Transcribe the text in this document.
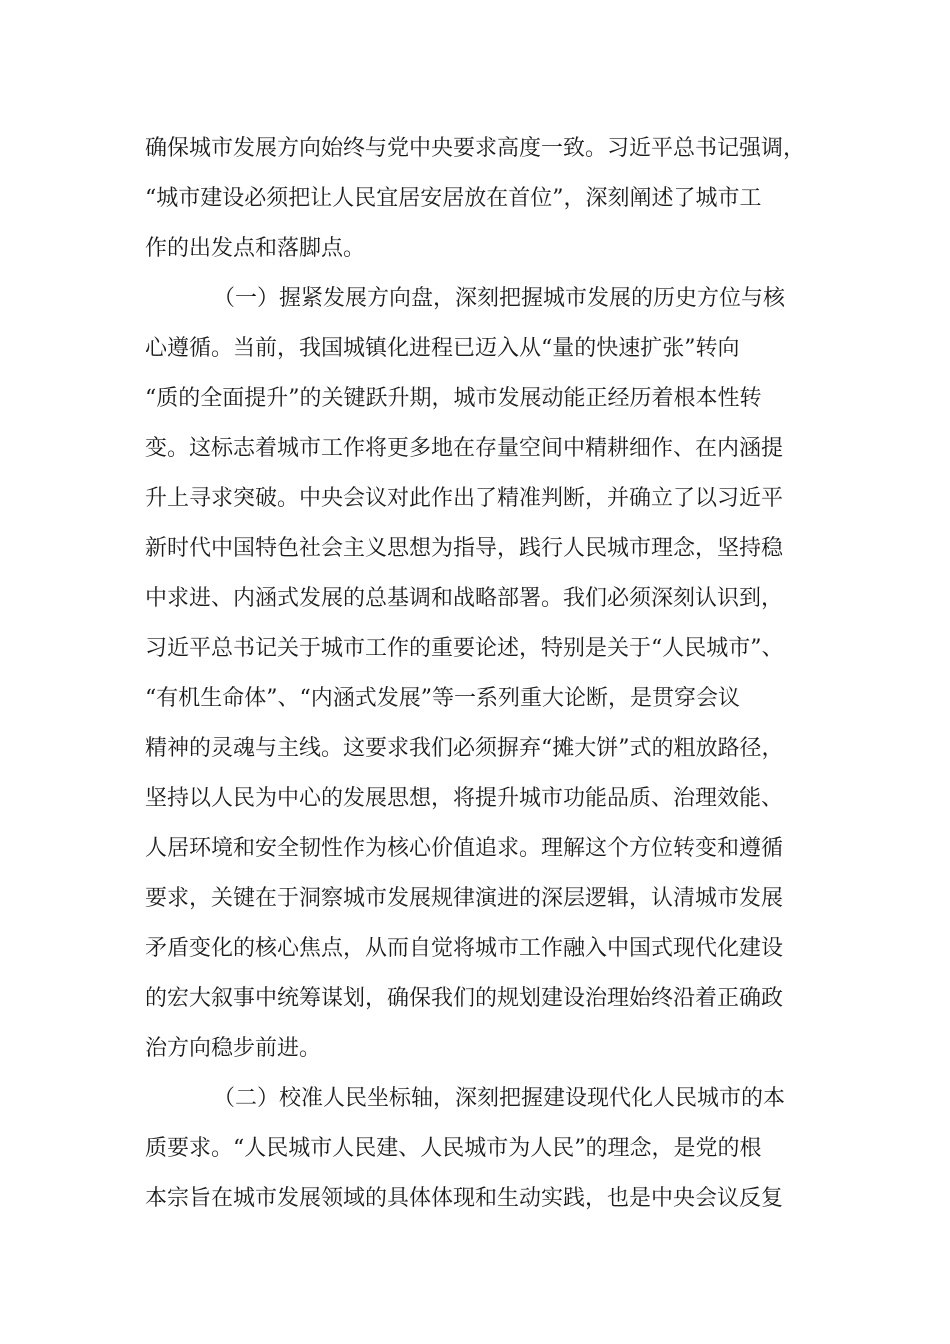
确保城市发展方向始终与党中央要求高度一致。习近平总书记强调，
“城市建设必须把让人民宜居安居放在首位”，深刻阐述了城市工
作的出发点和落脚点。
（一）握紧发展方向盘，深刻把握城市发展的历史方位与核
心遵循。当前，我国城镇化进程已迈入从“量的快速扩张”转向
“质的全面提升”的关键跃升期，城市发展动能正经历着根本性转
变。这标志着城市工作将更多地在存量空间中精耕细作、在内涵提
升上寻求突破。中央会议对此作出了精准判断，并确立了以习近平
新时代中国特色社会主义思想为指导，践行人民城市理念，坚持稳
中求进、内涵式发展的总基调和战略部署。我们必须深刻认识到，
习近平总书记关于城市工作的重要论述，特别是关于“人民城市”、
“有机生命体”、“内涵式发展”等一系列重大论断，是贯穿会议
精神的灵魂与主线。这要求我们必须摒弃“摊大饼”式的粗放路径，
坚持以人民为中心的发展思想，将提升城市功能品质、治理效能、
人居环境和安全韧性作为核心价值追求。理解这个方位转变和遵循
要求，关键在于洞察城市发展规律演进的深层逻辑，认清城市发展
矛盾变化的核心焦点，从而自觉将城市工作融入中国式现代化建设
的宏大叙事中统筹谋划，确保我们的规划建设治理始终沿着正确政
治方向稳步前进。
（二）校准人民坐标轴，深刻把握建设现代化人民城市的本
质要求。“人民城市人民建、人民城市为人民”的理念，是党的根
本宗旨在城市发展领域的具体体现和生动实践，也是中央会议反复
